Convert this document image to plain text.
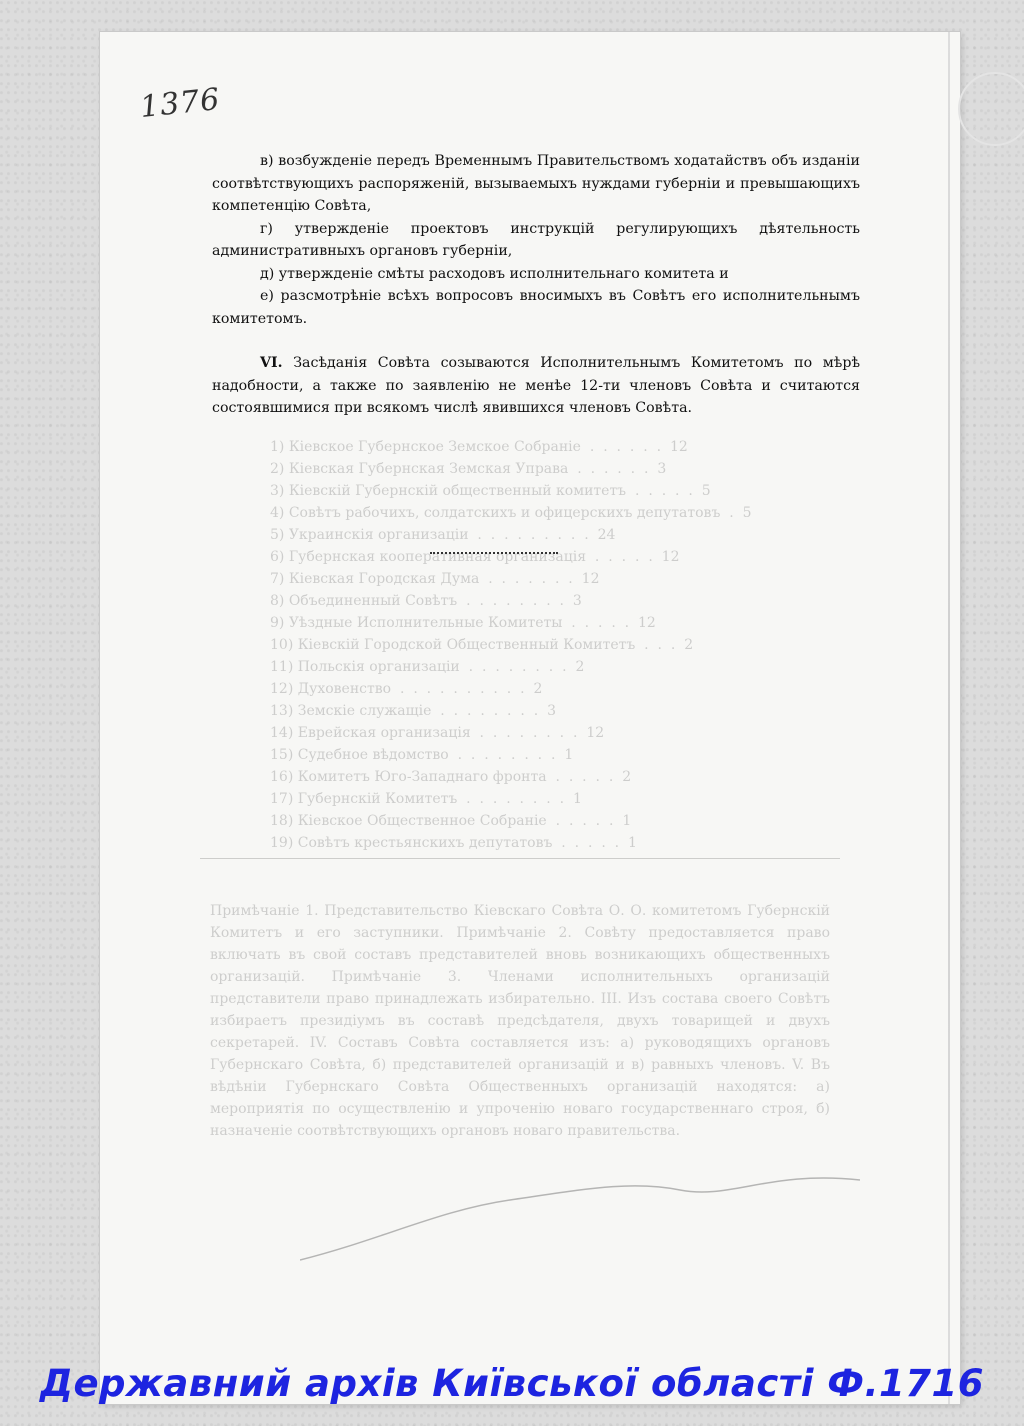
1376
1) Кіевское Губернское Земское Собраніе  .  .  .  .  .  .  12
2) Кіевская Губернская Земская Управа  .  .  .  .  .  .  3
3) Кіевскій Губернскій общественный комитетъ  .  .  .  .  .  5
4) Совѣтъ рабочихъ, солдатскихъ и офицерскихъ депутатовъ  .  5
5) Украинскія организаціи  .  .  .  .  .  .  .  .  .  24
6) Губернская кооперативная организація  .  .  .  .  .  12
7) Кіевская Городская Дума  .  .  .  .  .  .  .  12
8) Объединенный Совѣтъ  .  .  .  .  .  .  .  .  3
9) Уѣздные Исполнительные Комитеты  .  .  .  .  .  12
10) Кіевскій Городской Общественный Комитетъ  .  .  .  2
11) Польскія организаціи  .  .  .  .  .  .  .  .  2
12) Духовенство  .  .  .  .  .  .  .  .  .  .  2
13) Земскіе служащіе  .  .  .  .  .  .  .  .  3
14) Еврейская организація  .  .  .  .  .  .  .  .  12
15) Судебное вѣдомство  .  .  .  .  .  .  .  .  1
16) Комитетъ Юго-Западнаго фронта  .  .  .  .  .  2
17) Губернскій Комитетъ  .  .  .  .  .  .  .  .  1
18) Кіевское Общественное Собраніе  .  .  .  .  .  1
19) Совѣтъ крестьянскихъ депутатовъ  .  .  .  .  .  1
Примѣчаніе 1. Представительство Кіевскаго Совѣта О. О. комитетомъ Губернскій Комитетъ и его заступники. Примѣчаніе 2. Совѣту предоставляется право включать въ свой составъ представителей вновь возникающихъ общественныхъ организацій. Примѣчаніе 3. Членами исполнительныхъ организацій представители право принадлежать избирательно. III. Изъ состава своего Совѣтъ избираетъ президіумъ въ составѣ предсѣдателя, двухъ товарищей и двухъ секретарей. IV. Составъ Совѣта составляется изъ: а) руководящихъ органовъ Губернскаго Совѣта, б) представителей организацій и в) равныхъ членовъ. V. Въ вѣдѣніи Губернскаго Совѣта Общественныхъ организацій находятся: а) мероприятія по осуществленію и упроченію новаго государственнаго строя, б) назначеніе соотвѣтствующихъ органовъ новаго правительства.

в) возбужденіе передъ Временнымъ Правительствомъ ходатайствъ объ изданіи соотвѣтствующихъ распоряженій, вызываемыхъ нуждами губерніи и превышающихъ компетенцію Совѣта,

г) утвержденіе проектовъ инструкцій регулирующихъ дѣятельность административныхъ органовъ губерніи,

д) утвержденіе смѣты расходовъ исполнительнаго комитета и

е) разсмотрѣніе всѣхъ вопросовъ вносимыхъ въ Совѣтъ его исполнительнымъ комитетомъ.

VI. Засѣданія Совѣта созываются Исполнительнымъ Комитетомъ по мѣрѣ надобности, а также по заявленію не менѣе 12-ти членовъ Совѣта и считаются состоявшимися при всякомъ числѣ явившихся членовъ Совѣта.

Державний архів Київської області Ф.1716
